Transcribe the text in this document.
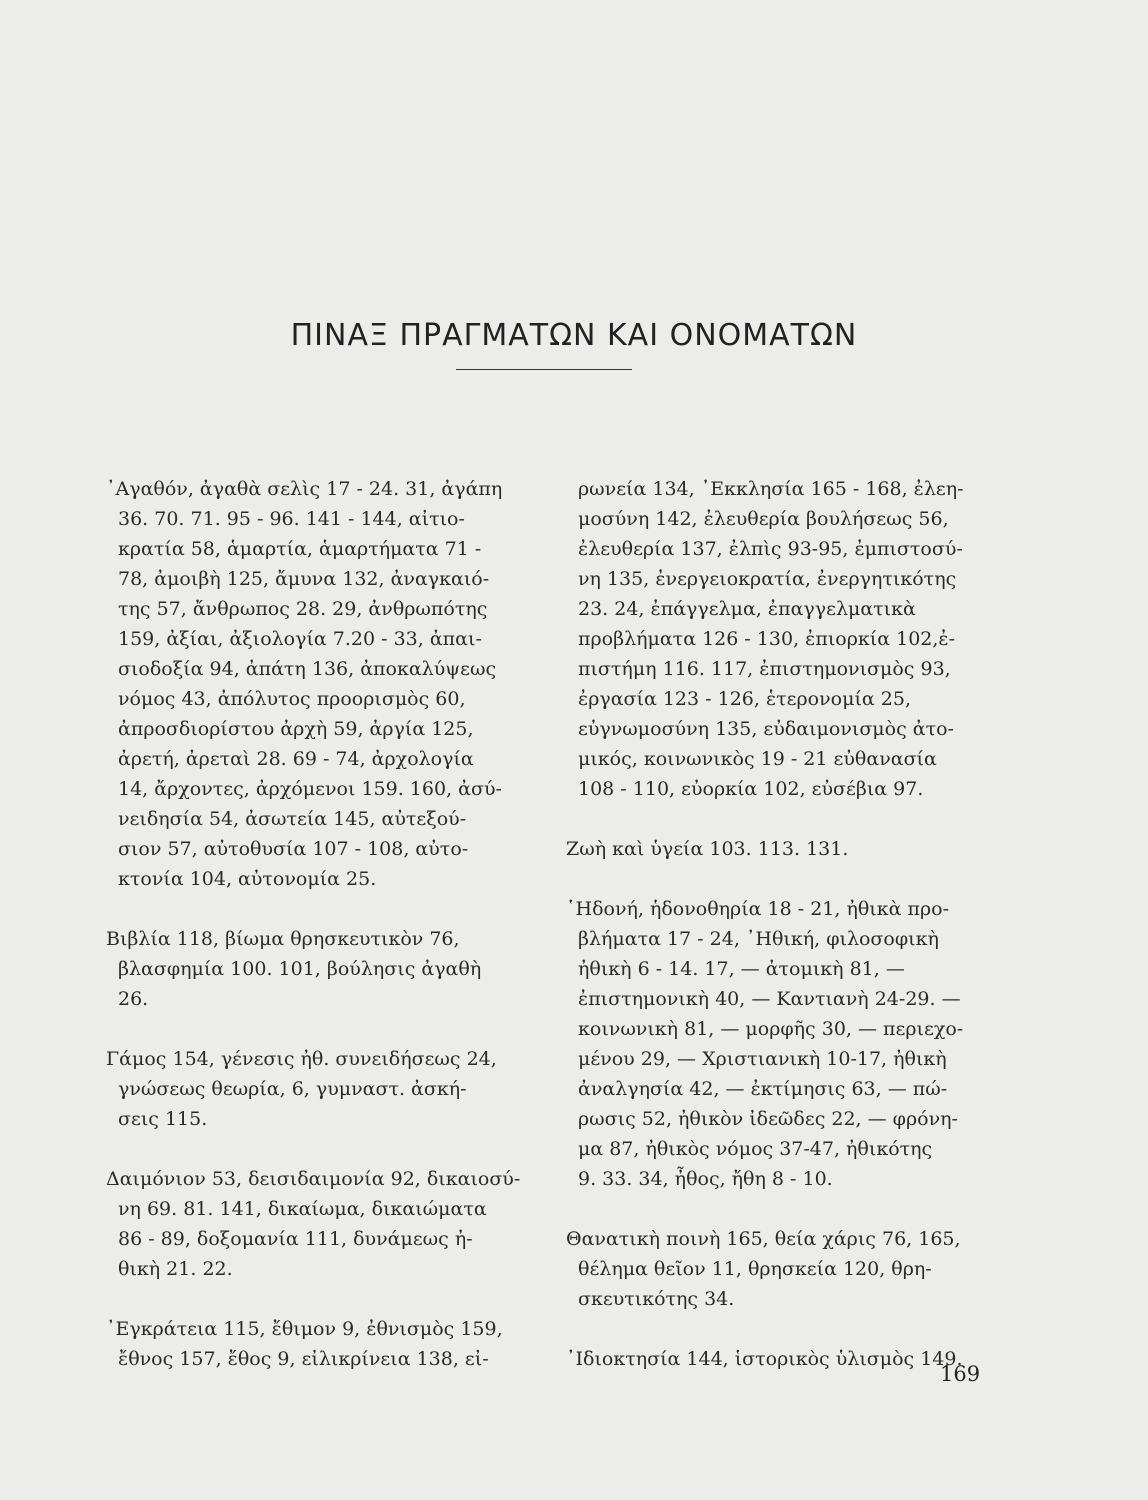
ΠΙΝΑΞ ΠΡΑΓΜΑΤΩΝ ΚΑΙ ΟΝΟΜΑΤΩΝ
᾿Αγαθόν, ἀγαθὰ σελὶς 17 - 24. 31, ἀγάπη
36. 70. 71. 95 - 96. 141 - 144, αἰτιο-
κρατία 58, ἁμαρτία, ἁμαρτήματα 71 -
78, ἀμοιβὴ 125, ἄμυνα 132, ἀναγκαιό-
της 57, ἄνθρωπος 28. 29, ἀνθρωπότης
159, ἀξίαι, ἀξιολογία 7.20 - 33, ἀπαι-
σιοδοξία 94, ἀπάτη 136, ἀποκαλύψεως
νόμος 43, ἀπόλυτος προορισμὸς 60,
ἀπροσδιορίστου ἀρχὴ 59, ἀργία 125,
ἀρετή, ἀρεταὶ 28. 69 - 74, ἀρχολογία
14, ἄρχοντες, ἀρχόμενοι 159. 160, ἀσύ-
νειδησία 54, ἀσωτεία 145, αὐτεξού-
σιον 57, αὐτοθυσία 107 - 108, αὐτο-
κτονία 104, αὐτονομία 25.
Βιβλία 118, βίωμα θρησκευτικὸν 76,
βλασφημία 100. 101, βούλησις ἀγαθὴ
26.
Γάμος 154, γένεσις ἠθ. συνειδήσεως 24,
γνώσεως θεωρία, 6, γυμναστ. ἀσκή-
σεις 115.
Δαιμόνιον 53, δεισιδαιμονία 92, δικαιοσύ-
νη 69. 81. 141, δικαίωμα, δικαιώματα
86 - 89, δοξομανία 111, δυνάμεως ἠ-
θικὴ 21. 22.
᾿Εγκράτεια 115, ἔθιμον 9, ἐθνισμὸς 159,
ἔθνος 157, ἔθος 9, εἰλικρίνεια 138, εἰ-
ρωνεία 134, ᾿Εκκλησία 165 - 168, ἐλεη-
μοσύνη 142, ἐλευθερία βουλήσεως 56,
ἐλευθερία 137, ἐλπὶς 93-95, ἐμπιστοσύ-
νη 135, ἐνεργειοκρατία, ἐνεργητικότης
23. 24, ἐπάγγελμα, ἐπαγγελματικὰ
προβλήματα 126 - 130, ἐπιορκία 102,ἐ-
πιστήμη 116. 117, ἐπιστημονισμὸς 93,
ἐργασία 123 - 126, ἑτερονομία 25,
εὐγνωμοσύνη 135, εὐδαιμονισμὸς ἀτο-
μικός, κοινωνικὸς 19 - 21 εὐθανασία
108 - 110, εὐορκία 102, εὐσέβια 97.
Ζωὴ καὶ ὑγεία 103. 113. 131.
῾Ηδονή, ἡδονοθηρία 18 - 21, ἠθικὰ προ-
βλήματα 17 - 24, ᾿Ηθική, φιλοσοφικὴ
ἠθικὴ 6 - 14. 17, — ἀτομικὴ 81, —
ἐπιστημονικὴ 40, — Καντιανὴ 24-29. —
κοινωνικὴ 81, — μορφῆς 30, — περιεχο-
μένου 29, — Χριστιανικὴ 10-17, ἠθικὴ
ἀναλγησία 42, — ἐκτίμησις 63, — πώ-
ρωσις 52, ἠθικὸν ἰδεῶδες 22, — φρόνη-
μα 87, ἠθικὸς νόμος 37-47, ἠθικότης
9. 33. 34, ἦθος, ἤθη 8 - 10.
Θανατικὴ ποινὴ 165, θεία χάρις 76, 165,
θέλημα θεῖον 11, θρησκεία 120, θρη-
σκευτικότης 34.
᾿Ιδιοκτησία 144, ἱστορικὸς ὑλισμὸς 149.
169
